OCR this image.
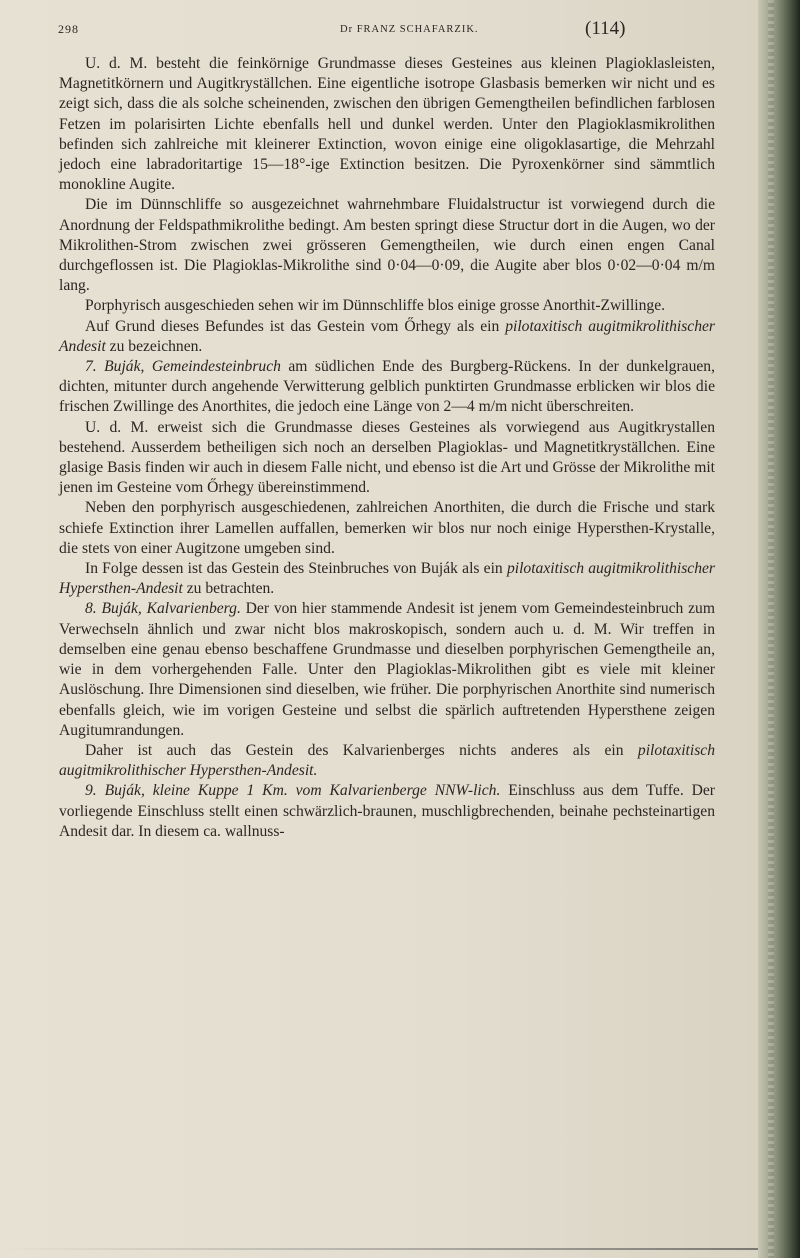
298	Dr FRANZ SCHAFARZIK.	(114)

U. d. M. besteht die feinkörnige Grundmasse dieses Gesteines aus kleinen Plagioklasleisten, Magnetitkörnern und Augitkryställchen. Eine eigentliche isotrope Glasbasis bemerken wir nicht und es zeigt sich, dass die als solche scheinenden, zwischen den übrigen Gemengtheilen befindlichen farblosen Fetzen im polarisirten Lichte ebenfalls hell und dunkel werden. Unter den Plagioklasmikrolithen befinden sich zahlreiche mit kleinerer Extinction, wovon einige eine oligoklasartige, die Mehrzahl jedoch eine labradoritartige 15—18°-ige Extinction besitzen. Die Pyroxenkörner sind sämmtlich monokline Augite.

Die im Dünnschliffe so ausgezeichnet wahrnehmbare Fluidalstructur ist vorwiegend durch die Anordnung der Feldspathmikrolithe bedingt. Am besten springt diese Structur dort in die Augen, wo der Mikrolithen-Strom zwischen zwei grösseren Gemengtheilen, wie durch einen engen Canal durchgeflossen ist. Die Plagioklas-Mikrolithe sind 0·04—0·09, die Augite aber blos 0·02—0·04 m/m lang.

Porphyrisch ausgeschieden sehen wir im Dünnschliffe blos einige grosse Anorthit-Zwillinge.

Auf Grund dieses Befundes ist das Gestein vom Őrhegy als ein pilotaxitisch augitmikrolithischer Andesit zu bezeichnen.

7. Buják, Gemeindesteinbruch am südlichen Ende des Burgberg-Rückens. In der dunkelgrauen, dichten, mitunter durch angehende Verwitterung gelblich punktirten Grundmasse erblicken wir blos die frischen Zwillinge des Anorthites, die jedoch eine Länge von 2—4 m/m nicht überschreiten.

U. d. M. erweist sich die Grundmasse dieses Gesteines als vorwiegend aus Augitkrystallen bestehend. Ausserdem betheiligen sich noch an derselben Plagioklas- und Magnetitkryställchen. Eine glasige Basis finden wir auch in diesem Falle nicht, und ebenso ist die Art und Grösse der Mikrolithe mit jenen im Gesteine vom Őrhegy übereinstimmend.

Neben den porphyrisch ausgeschiedenen, zahlreichen Anorthiten, die durch die Frische und stark schiefe Extinction ihrer Lamellen auffallen, bemerken wir blos nur noch einige Hypersthen-Krystalle, die stets von einer Augitzone umgeben sind.

In Folge dessen ist das Gestein des Steinbruches von Buják als ein pilotaxitisch augitmikrolithischer Hypersthen-Andesit zu betrachten.

8. Buják, Kalvarienberg. Der von hier stammende Andesit ist jenem vom Gemeindesteinbruch zum Verwechseln ähnlich und zwar nicht blos makroskopisch, sondern auch u. d. M. Wir treffen in demselben eine genau ebenso beschaffene Grundmasse und dieselben porphyrischen Gemengtheile an, wie in dem vorhergehenden Falle. Unter den Plagioklas-Mikrolithen gibt es viele mit kleiner Auslöschung. Ihre Dimensionen sind dieselben, wie früher. Die porphyrischen Anorthite sind numerisch ebenfalls gleich, wie im vorigen Gesteine und selbst die spärlich auftretenden Hypersthene zeigen Augitumrandungen.

Daher ist auch das Gestein des Kalvarienberges nichts anderes als ein pilotaxitisch augitmikrolithischer Hypersthen-Andesit.

9. Buják, kleine Kuppe 1 Km. vom Kalvarienberge NNW-lich. Einschluss aus dem Tuffe. Der vorliegende Einschluss stellt einen schwärzlich-braunen, muschligbrechenden, beinahe pechsteinartigen Andesit dar. In diesem ca. wallnuss-
